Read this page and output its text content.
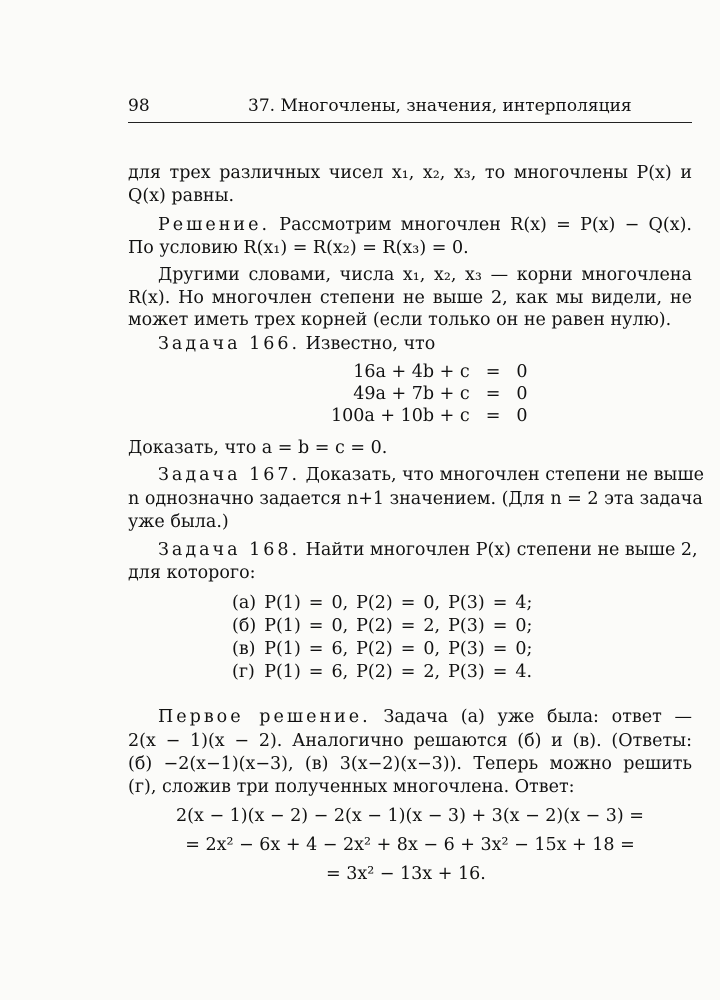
98	37. Многочлены, значения, интерполяция
для трех различных чисел x₁, x₂, x₃, то многочлены P(x) и
Q(x) равны.
Решение. Рассмотрим многочлен R(x) = P(x) − Q(x).
По условию R(x₁) = R(x₂) = R(x₃) = 0.
Другими словами, числа x₁, x₂, x₃ — корни многочлена
R(x). Но многочлен степени не выше 2, как мы видели, не
может иметь трех корней (если только он не равен нулю).
Задача 166. Известно, что
16a + 4b + c	=	0
49a + 7b + c	=	0
100a + 10b + c	=	0
Доказать, что a = b = c = 0.
Задача 167. Доказать, что многочлен степени не выше
n однозначно задается n+1 значением. (Для n = 2 эта задача
уже была.)
Задача 168. Найти многочлен P(x) степени не выше 2,
для которого:
(а)	P(1)	=	0,	P(2)	=	0,	P(3)	=	4;
(б)	P(1)	=	0,	P(2)	=	2,	P(3)	=	0;
(в)	P(1)	=	6,	P(2)	=	0,	P(3)	=	0;
(г)	P(1)	=	6,	P(2)	=	2,	P(3)	=	4.
Первое решение. Задача (а) уже была: ответ —
2(x − 1)(x − 2). Аналогично решаются (б) и (в). (Ответы:
(б) −2(x−1)(x−3), (в) 3(x−2)(x−3)). Теперь можно решить
(г), сложив три полученных многочлена. Ответ:
2(x − 1)(x − 2) − 2(x − 1)(x − 3) + 3(x − 2)(x − 3) =
= 2x² − 6x + 4 − 2x² + 8x − 6 + 3x² − 15x + 18 =
= 3x² − 13x + 16.
